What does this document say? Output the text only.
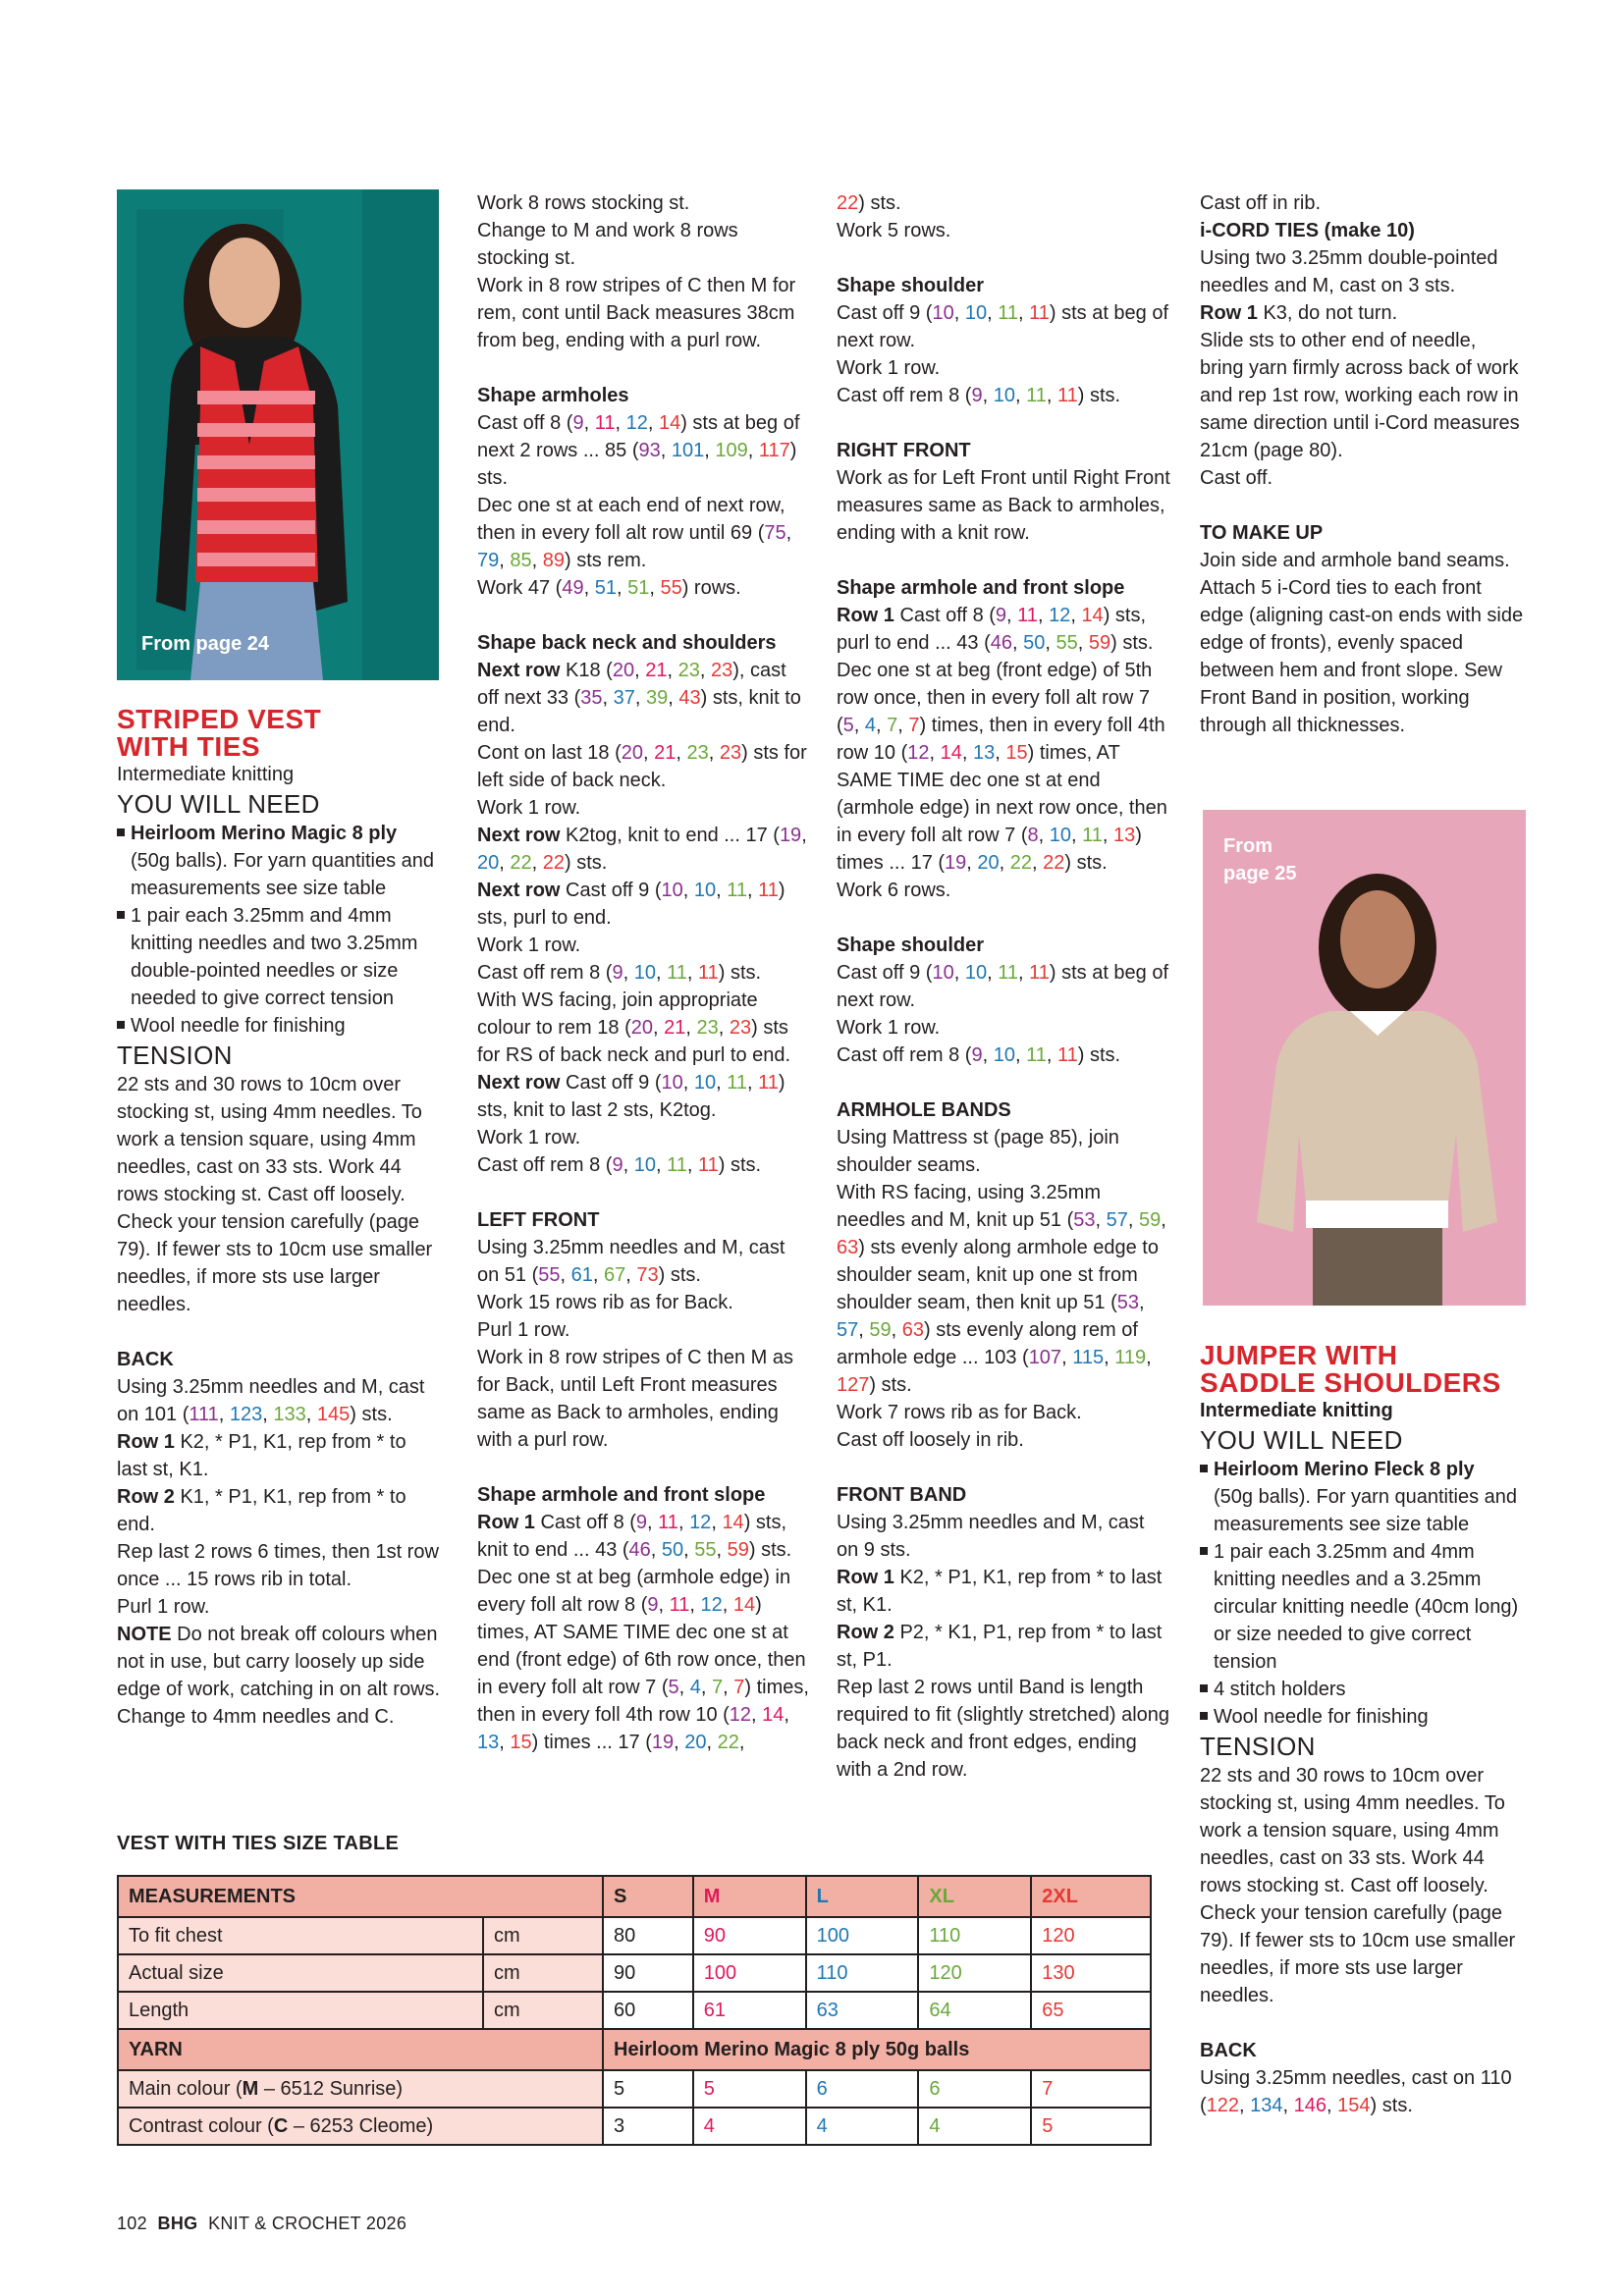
From page 24

STRIPED VEST

WITH TIES

Intermediate knitting

YOU WILL NEED

Heirloom Merino Magic 8 ply

(50g balls). For yarn quantities and measurements see size table

1 pair each 3.25mm and 4mm knitting needles and two 3.25mm double-pointed needles or size needed to give correct tension

Wool needle for finishing

TENSION

22 sts and 30 rows to 10cm over stocking st, using 4mm needles. To work a tension square, using 4mm needles, cast on 33 sts. Work 44 rows stocking st. Cast off loosely. Check your tension carefully (page 79). If fewer sts to 10cm use smaller needles, if more sts use larger needles.

BACK

Using 3.25mm needles and M, cast on 101 (111, 123, 133, 145) sts.

Row 1 K2, * P1, K1, rep from * to last st, K1.

Row 2 K1, * P1, K1, rep from * to end.

Rep last 2 rows 6 times, then 1st row once ... 15 rows rib in total.

Purl 1 row.

NOTE Do not break off colours when not in use, but carry loosely up side edge of work, catching in on alt rows.

Change to 4mm needles and C.

Work 8 rows stocking st.

Change to M and work 8 rows stocking st.

Work in 8 row stripes of C then M for rem, cont until Back measures 38cm from beg, ending with a purl row.

Shape armholes

Cast off 8 (9, 11, 12, 14) sts at beg of next 2 rows ... 85 (93, 101, 109, 117) sts.

Dec one st at each end of next row, then in every foll alt row until 69 (75, 79, 85, 89) sts rem.

Work 47 (49, 51, 51, 55) rows.

Shape back neck and shoulders

Next row K18 (20, 21, 23, 23), cast off next 33 (35, 37, 39, 43) sts, knit to end.

Cont on last 18 (20, 21, 23, 23) sts for left side of back neck.

Work 1 row.

Next row K2tog, knit to end ... 17 (19, 20, 22, 22) sts.

Next row Cast off 9 (10, 10, 11, 11) sts, purl to end.

Work 1 row.

Cast off rem 8 (9, 10, 11, 11) sts.

With WS facing, join appropriate colour to rem 18 (20, 21, 23, 23) sts for RS of back neck and purl to end.

Next row Cast off 9 (10, 10, 11, 11) sts, knit to last 2 sts, K2tog.

Work 1 row.

Cast off rem 8 (9, 10, 11, 11) sts.

LEFT FRONT

Using 3.25mm needles and M, cast on 51 (55, 61, 67, 73) sts.

Work 15 rows rib as for Back.

Purl 1 row.

Work in 8 row stripes of C then M as for Back, until Left Front measures same as Back to armholes, ending with a purl row.

Shape armhole and front slope

Row 1 Cast off 8 (9, 11, 12, 14) sts, knit to end ... 43 (46, 50, 55, 59) sts.

Dec one st at beg (armhole edge) in every foll alt row 8 (9, 11, 12, 14) times, AT SAME TIME dec one st at end (front edge) of 6th row once, then in every foll alt row 7 (5, 4, 7, 7) times, then in every foll 4th row 10 (12, 14, 13, 15) times ... 17 (19, 20, 22,

22) sts.

Work 5 rows.

Shape shoulder

Cast off 9 (10, 10, 11, 11) sts at beg of next row.

Work 1 row.

Cast off rem 8 (9, 10, 11, 11) sts.

RIGHT FRONT

Work as for Left Front until Right Front measures same as Back to armholes, ending with a knit row.

Shape armhole and front slope

Row 1 Cast off 8 (9, 11, 12, 14) sts, purl to end ... 43 (46, 50, 55, 59) sts.

Dec one st at beg (front edge) of 5th row once, then in every foll alt row 7 (5, 4, 7, 7) times, then in every foll 4th row 10 (12, 14, 13, 15) times, AT SAME TIME dec one st at end (armhole edge) in next row once, then in every foll alt row 7 (8, 10, 11, 13) times ... 17 (19, 20, 22, 22) sts.

Work 6 rows.

Shape shoulder

Cast off 9 (10, 10, 11, 11) sts at beg of next row.

Work 1 row.

Cast off rem 8 (9, 10, 11, 11) sts.

ARMHOLE BANDS

Using Mattress st (page 85), join shoulder seams.

With RS facing, using 3.25mm needles and M, knit up 51 (53, 57, 59, 63) sts evenly along armhole edge to shoulder seam, knit up one st from shoulder seam, then knit up 51 (53, 57, 59, 63) sts evenly along rem of armhole edge ... 103 (107, 115, 119, 127) sts.

Work 7 rows rib as for Back.

Cast off loosely in rib.

FRONT BAND

Using 3.25mm needles and M, cast on 9 sts.

Row 1 K2, * P1, K1, rep from * to last st, K1.

Row 2 P2, * K1, P1, rep from * to last st, P1.

Rep last 2 rows until Band is length required to fit (slightly stretched) along back neck and front edges, ending with a 2nd row.

Cast off in rib.

i-CORD TIES (make 10)

Using two 3.25mm double-pointed needles and M, cast on 3 sts.

Row 1 K3, do not turn.

Slide sts to other end of needle, bring yarn firmly across back of work and rep 1st row, working each row in same direction until i-Cord measures 21cm (page 80).

Cast off.

TO MAKE UP

Join side and armhole band seams. Attach 5 i-Cord ties to each front edge (aligning cast-on ends with side edge of fronts), evenly spaced between hem and front slope. Sew Front Band in position, working through all thicknesses.

From page 25

JUMPER WITH

SADDLE SHOULDERS

Intermediate knitting

YOU WILL NEED

Heirloom Merino Fleck 8 ply

(50g balls). For yarn quantities and measurements see size table

1 pair each 3.25mm and 4mm knitting needles and a 3.25mm circular knitting needle (40cm long) or size needed to give correct tension

4 stitch holders

Wool needle for finishing

TENSION

22 sts and 30 rows to 10cm over stocking st, using 4mm needles. To work a tension square, using 4mm needles, cast on 33 sts. Work 44 rows stocking st. Cast off loosely. Check your tension carefully (page 79). If fewer sts to 10cm use smaller needles, if more sts use larger needles.

BACK

Using 3.25mm needles, cast on 110 (122, 134, 146, 154) sts.

VEST WITH TIES SIZE TABLE
MEASUREMENTS		S	M	L	XL	2XL
To fit chest	cm	80	90	100	110	120
Actual size	cm	90	100	110	120	130
Length	cm	60	61	63	64	65
YARN		Heirloom Merino Magic 8 ply 50g balls				
Main colour (M – 6512 Sunrise)		5	5	6	6	7
Contrast colour (C – 6253 Cleome)		3	4	4	4	5
102 BHG KNIT & CROCHET 2026
